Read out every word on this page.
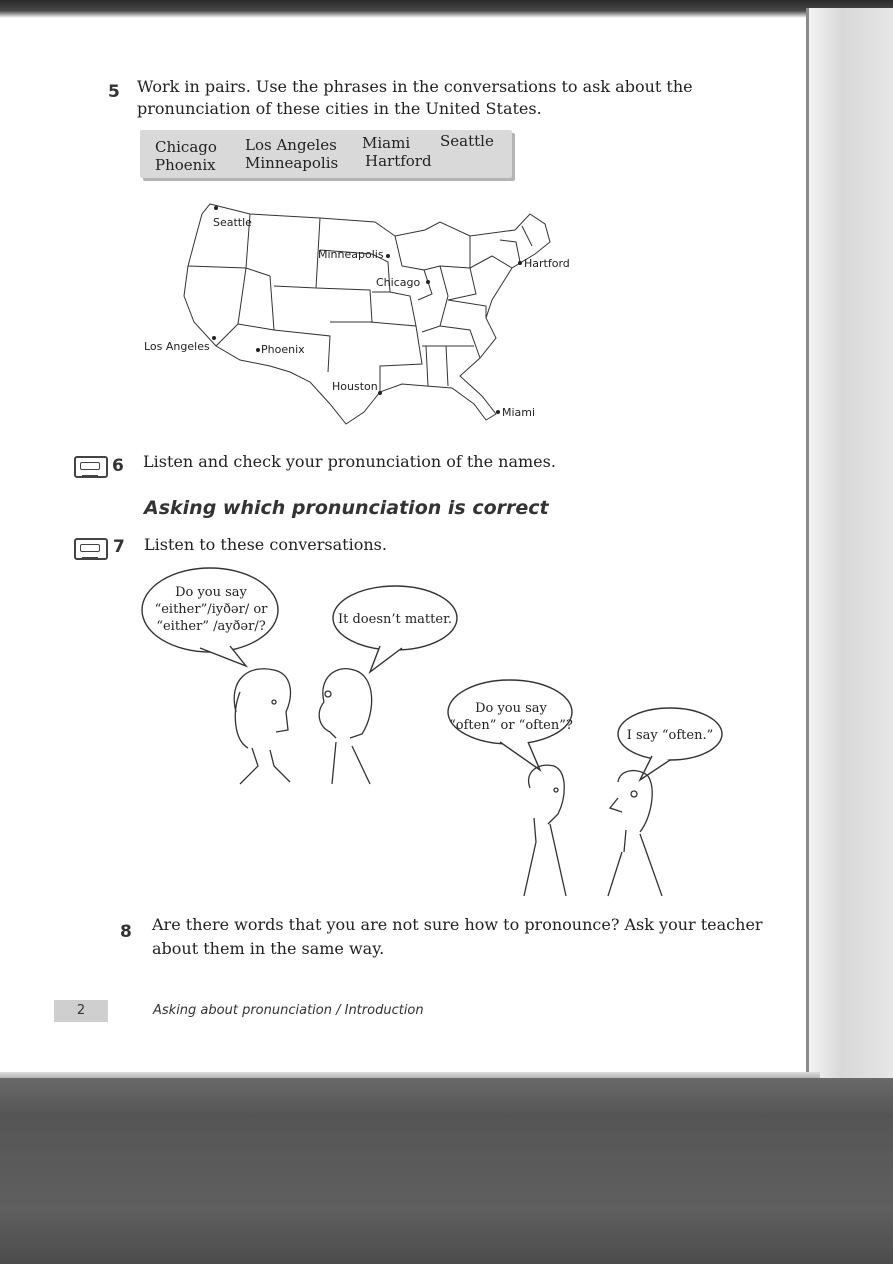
5 Work in pairs. Use the phrases in the conversations to ask about the
pronunciation of these cities in the United States.
Chicago Los Angeles Miami Seattle
Phoenix Minneapolis Hartford
Seattle
Minneapolis
Hartford
Chicago
Los Angeles	Phoenix
Houston
Miami
6 Listen and check your pronunciation of the names.
Asking which pronunciation is correct
7 Listen to these conversations.
Do you say
“either”/iyðər/ or
“either” /ayðər/?	It doesn’t matter.
Do you say
“often” or “often”?
I say “often.”
8 Are there words that you are not sure how to pronounce? Ask your teacher
about them in the same way.
2	Asking about pronunciation / Introduction
